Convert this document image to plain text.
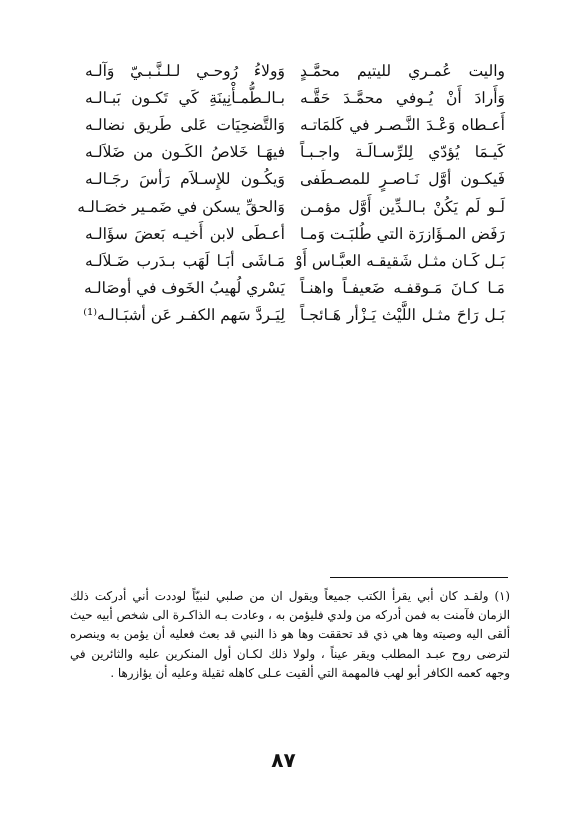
واليت عُمـري لليتيم محمَّـدٍ
وَولاءُ رُوحـي لـلـنَّـبـيّ وَآلـه
وَأَرادَ أَنْ يُـوفي محمَّـدَ حَقَّـه
بـالـطُّمـأْنِينَةِ كَي تَكـون بَبـالـه
أَعـطاه وَعْـدَ النَّـصـر في كَلمَاتـه
وَالتَّضحِيَات عَلى طَريق نضالـه
كَيـمَا يُؤدّي لِلرِّسـالَـة واجـبـاً
فيهَـا خَلاصُ الكَـون من ضَلاَلـه
فَيكـون أوَّل نَـاصـرٍ للمصـطَفى
وَيكُـون للإِسـلاَم رَأسَ رجَـالـه
لَـو لَم يَكُنْ بـالـدِّين أَوَّل مؤمـن
وَالحقِّ يسكن في ضَمـير خصَـالـه
رَفَض المـؤَازرَة التي طُلبَـت وَمـا
أعـطَى لابن أَخيـه بَعضَ سؤَالـه
بَـل كَـان مثـل شَقيقـه العبَّـاس أَوْ
مَـاشَى أبَـا لَهَب بـدَرب ضَـلاَلـه
مَـا كـانَ مَـوقفـه ضَعيفـاً واهنـاً
يَسْري لُهيبُ الخَوف في أوصَالـه
بَـل رَاحَ مثـل اللَّيْث يَـزْأر هَـائجـاً
لِيَـردَّ سَهم الكفـر عَن أشبَـالـه⁽¹⁾

(١) ولقـد كان أبي يقرأ الكتب جميعاً ويقول ان من صلبي لنبيّاً لوددت أني أدركت ذلك الزمان فآمنت به فمن أدركه من ولدي فليؤمن به ، وعادت بـه الذاكـرة الى شخص أبيه حيث ألقى اليه وصيته وها هي ذي قد تحققت وها هو ذا النبي قد بعث فعليه أن يؤمن به وينصره لترضى روح عبـد المطلب ويقر عيناً ، ولولا ذلك لكـان أول المنكرين عليه والثائرين في وجهه كعمه الكافر أبو لهب فالمهمة التي ألقيت عـلى كاهله ثقيلة وعليه أن يؤازرها .

٨٧
